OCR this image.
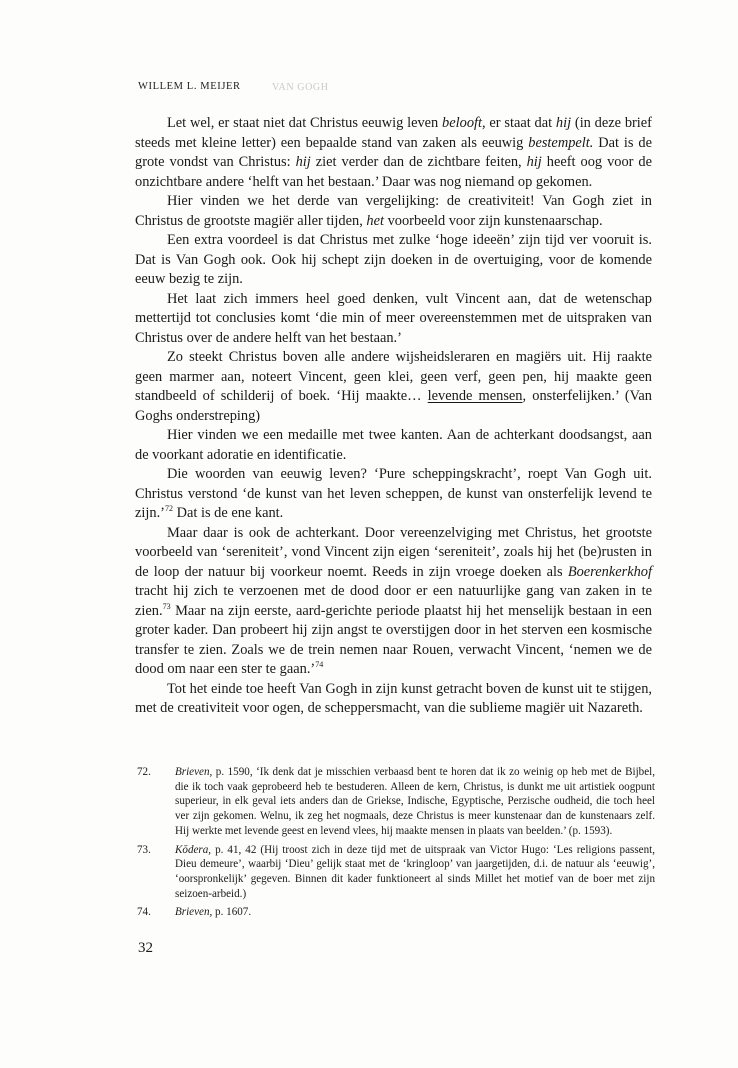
WILLEM L. MEIJER	VAN GOGH

Let wel, er staat niet dat Christus eeuwig leven belooft, er staat dat hij (in deze brief steeds met kleine letter) een bepaalde stand van zaken als eeuwig bestempelt. Dat is de grote vondst van Christus: hij ziet verder dan de zichtbare feiten, hij heeft oog voor de onzichtbare andere ‘helft van het bestaan.’ Daar was nog niemand op gekomen.

Hier vinden we het derde van vergelijking: de creativiteit! Van Gogh ziet in Christus de grootste magiër aller tijden, het voorbeeld voor zijn kunstenaarschap.

Een extra voordeel is dat Christus met zulke ‘hoge ideeën’ zijn tijd ver vooruit is. Dat is Van Gogh ook. Ook hij schept zijn doeken in de overtuiging, voor de komende eeuw bezig te zijn.

Het laat zich immers heel goed denken, vult Vincent aan, dat de wetenschap mettertijd tot conclusies komt ‘die min of meer overeenstemmen met de uitspraken van Christus over de andere helft van het bestaan.’

Zo steekt Christus boven alle andere wijsheidsleraren en magiërs uit. Hij raakte geen marmer aan, noteert Vincent, geen klei, geen verf, geen pen, hij maakte geen standbeeld of schilderij of boek. ‘Hij maakte… levende mensen, onsterfelijken.’ (Van Goghs onderstreping)

Hier vinden we een medaille met twee kanten. Aan de achterkant doodsangst, aan de voorkant adoratie en identificatie.

Die woorden van eeuwig leven? ‘Pure scheppingskracht’, roept Van Gogh uit. Christus verstond ‘de kunst van het leven scheppen, de kunst van onsterfelijk levend te zijn.’$^{72}$ Dat is de ene kant.

Maar daar is ook de achterkant. Door vereenzelviging met Christus, het grootste voorbeeld van ‘sereniteit’, vond Vincent zijn eigen ‘sereniteit’, zoals hij het (be)rusten in de loop der natuur bij voorkeur noemt. Reeds in zijn vroege doeken als Boerenkerkhof tracht hij zich te verzoenen met de dood door er een natuurlijke gang van zaken in te zien.$^{73}$ Maar na zijn eerste, aard-gerichte periode plaatst hij het menselijk bestaan in een groter kader. Dan probeert hij zijn angst te overstijgen door in het sterven een kosmische transfer te zien. Zoals we de trein nemen naar Rouen, verwacht Vincent, ‘nemen we de dood om naar een ster te gaan.’$^{74}$

Tot het einde toe heeft Van Gogh in zijn kunst getracht boven de kunst uit te stijgen, met de creativiteit voor ogen, de scheppersmacht, van die sublieme magiër uit Nazareth.

72.	Brieven, p. 1590, ‘Ik denk dat je misschien verbaasd bent te horen dat ik zo weinig op heb met de Bijbel, die ik toch vaak geprobeerd heb te bestuderen. Alleen de kern, Christus, is dunkt me uit artistiek oogpunt superieur, in elk geval iets anders dan de Griekse, Indische, Egyptische, Perzische oudheid, die toch heel ver zijn gekomen. Welnu, ik zeg het nogmaals, deze Christus is meer kunstenaar dan de kunstenaars zelf. Hij werkte met levende geest en levend vlees, hij maakte mensen in plaats van beelden.’ (p. 1593).
73.	Kōdera, p. 41, 42 (Hij troost zich in deze tijd met de uitspraak van Victor Hugo: ‘Les religions passent, Dieu demeure’, waarbij ‘Dieu’ gelijk staat met de ‘kringloop’ van jaargetijden, d.i. de natuur als ‘eeuwig’, ‘oorspronkelijk’ gegeven. Binnen dit kader funktioneert al sinds Millet het motief van de boer met zijn seizoen-arbeid.)
74.	Brieven, p. 1607.
32
